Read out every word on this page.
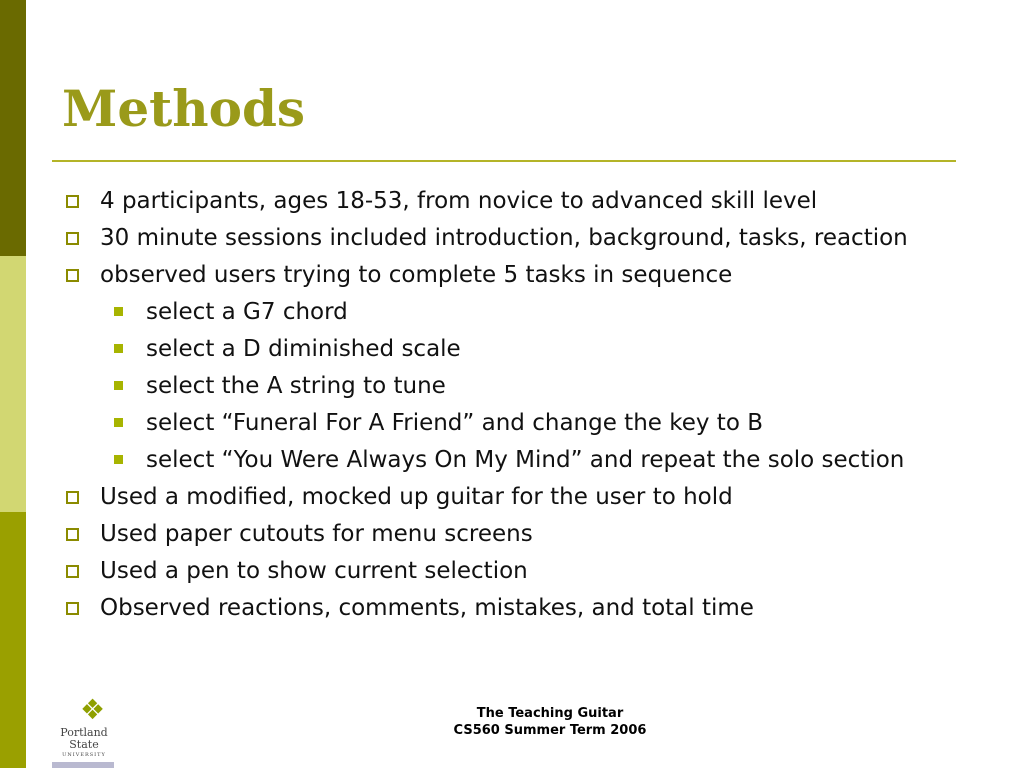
Methods
4 participants, ages 18-53, from novice to advanced skill level
30 minute sessions included introduction, background, tasks, reaction
observed users trying to complete 5 tasks in sequence
select a G7 chord
select a D diminished scale
select the A string to tune
select “Funeral For A Friend” and change the key to B
select “You Were Always On My Mind” and repeat the solo section
Used a modified, mocked up guitar for the user to hold
Used paper cutouts for menu screens
Used a pen to show current selection
Observed reactions, comments, mistakes, and total time
❖
Portland
State
UNIVERSITY
The Teaching Guitar
CS560 Summer Term 2006
